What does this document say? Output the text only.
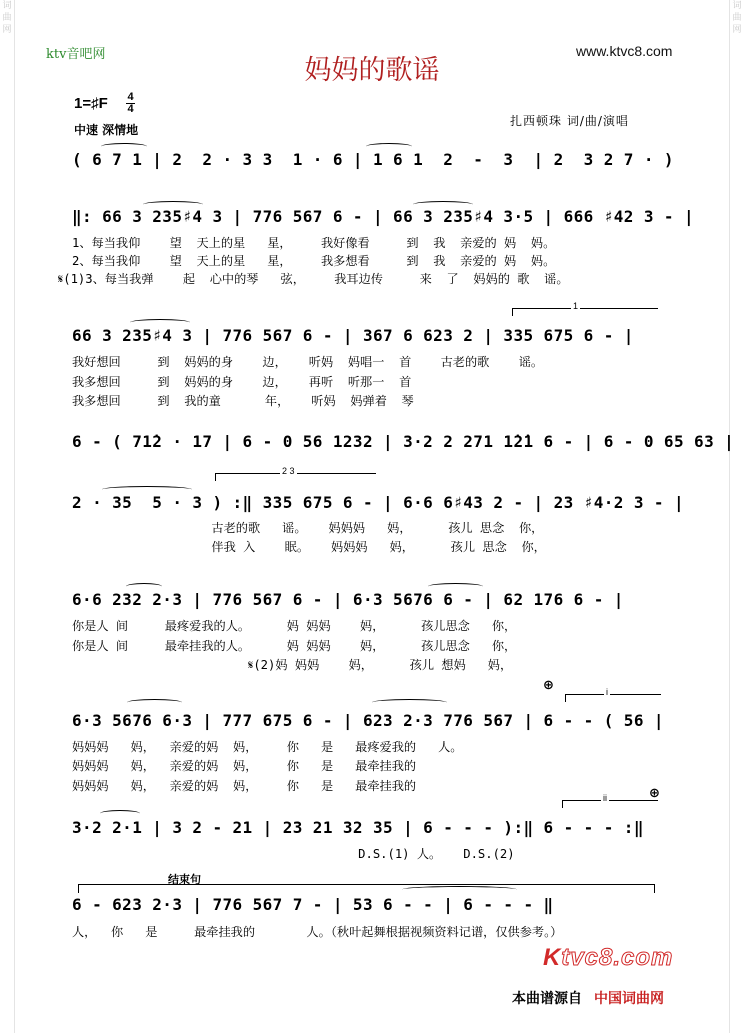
词
曲
网
词
曲
网
ktv音吧网	www.ktvc8.com
妈妈的歌谣
1=♯F 4
4
中速 深情地
扎西顿珠 词/曲/演唱
( 6 7 1 | 2  2 · 3 3  1 · 6 | 1 6 1  2  -  3  | 2  3 2 7 · )
‖: 66 3 235♯4 3 | 776 567 6 - | 66 3 235♯4 3·5 | 666 ♯42 3 - |
1、每当我仰    望  天上的星   星，    我好像看     到  我  亲爱的 妈  妈。
2、每当我仰    望  天上的星   星，    我多想看     到  我  亲爱的 妈  妈。
𝄋(1)3、每当我弹    起  心中的琴   弦，    我耳边传     来  了  妈妈的 歌  谣。
1
66 3 235♯4 3 | 776 567 6 - | 367 6 623 2 | 335 675 6 - |
我好想回     到  妈妈的身    边，   听妈  妈唱一  首    古老的歌    谣。
我多想回     到  妈妈的身    边，   再听  听那一  首
我多想回     到  我的童      年，   听妈  妈弹着  琴
6 - ( 71̇2 · 17 | 6 - 0 56 1232 | 3·2 2 271 1̇2̇1 6 - | 6 - 0 65 63 |
2 3
2 · 35  5 · 3 ) :‖ 335 675 6 - | 6·6 6♯43 2 - | 23 ♯4·2 3 - |
古老的歌   谣。   妈妈妈   妈，     孩儿 思念  你，
伴我 入    眠。   妈妈妈   妈，     孩儿 思念  你，
6·6 232 2·3 | 776 567 6 - | 6·3 5676 6 - | 62 176 6 - |
你是人 间     最疼爱我的人。     妈 妈妈    妈，     孩儿思念   你，
你是人 间     最牵挂我的人。     妈 妈妈    妈，     孩儿思念   你，
𝄋(2)妈 妈妈    妈，     孩儿 想妈   妈，
⊕	i
6·3 5676 6·3 | 777 675 6 - | 623 2·3 776 567 | 6 - - ( 56 |
妈妈妈   妈，  亲爱的妈  妈，    你   是   最疼爱我的   人。
妈妈妈   妈，  亲爱的妈  妈，    你   是   最牵挂我的
妈妈妈   妈，  亲爱的妈  妈，    你   是   最牵挂我的	⊕
ii
3·2 2·1 | 3 2 - 21 | 23 21 32 35 | 6 - - - ):‖ 6 - - - :‖
D.S.(1) 人。   D.S.(2)
结束句
6 - 623 2·3 | 776 567 7 - | 53 6 - - | 6 - - - ‖
人，  你   是     最牵挂我的       人。（秋叶起舞根据视频资料记谱，仅供参考。）
Ktvc8.com
本曲谱源自 中国词曲网
